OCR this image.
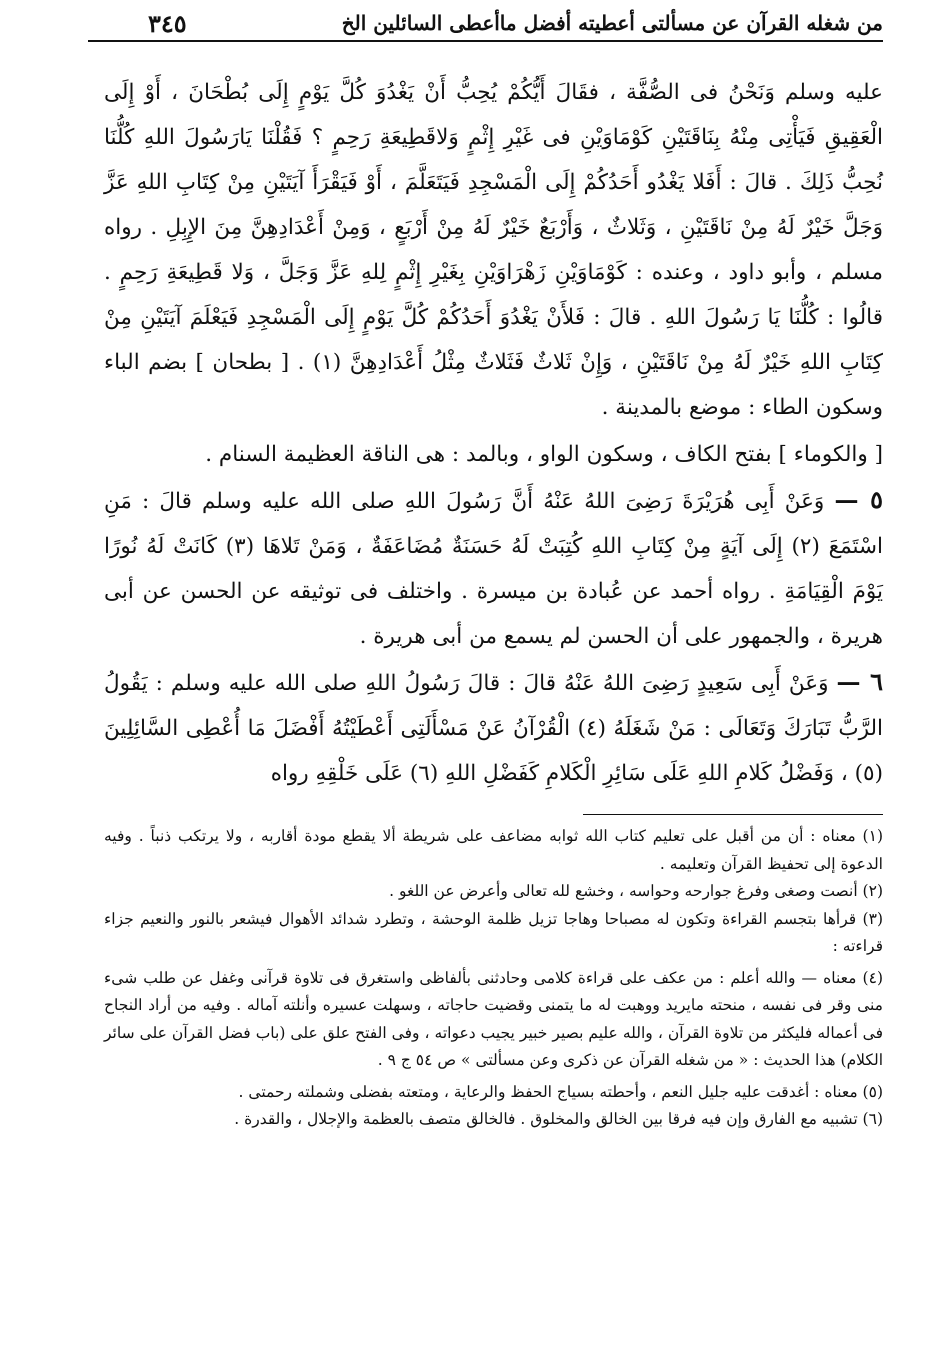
من شغله القرآن عن مسألتى أعطيته أفضل ماأعطى السائلين الخ
٣٤٥

عليه وسلم وَنَحْنُ فى الصُّفَّة ، فقَالَ أَيُّكُمْ يُحِبُّ أَنْ يَغْدُوَ كُلَّ يَوْمٍ إِلَى بُطْحَانَ ، أَوْ إِلَى الْعَقِيقِ فَيَأْتِى مِنْهُ بِنَاقَتَيْنِ كَوْمَاوَيْنِ فى غَيْرِ إِثْمٍ وَلاقَطِيعَةِ رَحِمٍ ؟ فَقُلْنَا يَارَسُولَ اللهِ كُلُّنَا نُحِبُّ ذَلِكَ . قالَ : أَفَلا يَغْدُو أَحَدُكُمْ إِلَى الْمَسْجِدِ فَيَتَعَلَّمَ ، أَوْ فَيَقْرَأَ آيَتَيْنِ مِنْ كِتَابِ اللهِ عَزَّ وَجَلَّ خَيْرٌ لَهُ مِنْ نَاقَتَيْنِ ، وَثَلاثٌ ، وَأَرْبَعٌ خَيْرٌ لَهُ مِنْ أَرْبَعٍ ، وَمِنْ أَعْدَادِهِنَّ مِنَ الإِبِلِ . رواه مسلم ، وأبو داود ، وعنده : كَوْمَاوَيْنِ زَهْرَاوَيْنِ بِغَيْرِ إِثْمٍ لِلهِ عَزَّ وَجَلَّ ، وَلا قَطِيعَةِ رَحِمٍ . قالُوا : كُلُّنَا يَا رَسُولَ اللهِ . قالَ : فَلأَنْ يَغْدُوَ أَحَدُكُمْ كُلَّ يَوْمٍ إِلَى الْمَسْجِدِ فَيَعْلَمَ آيَتَيْنِ مِنْ كِتَابِ اللهِ خَيْرٌ لَهُ مِنْ نَاقَتَيْنِ ، وَإِنْ ثَلاثٌ فَثَلاثٌ مِثْلُ أَعْدَادِهِنَّ (١) . [ بطحان ] بضم الباء وسكون الطاء : موضع بالمدينة .

[ والكوماء ] بفتح الكاف ، وسكون الواو ، وبالمد : هى الناقة العظيمة السنام .

٥ — وَعَنْ أَبِى هُرَيْرَةَ رَضِىَ اللهُ عَنْهُ أَنَّ رَسُولَ اللهِ صلى الله عليه وسلم قالَ : مَنِ اسْتَمَعَ (٢) إِلَى آيَةٍ مِنْ كِتَابِ اللهِ كُتِبَتْ لَهُ حَسَنَةٌ مُضَاعَفَةٌ ، وَمَنْ تَلاهَا (٣) كَانَتْ لَهُ نُورًا يَوْمَ الْقِيَامَةِ . رواه أحمد عن عُبادة بن ميسرة . واختلف فى توثيقه عن الحسن عن أبى هريرة ، والجمهور على أن الحسن لم يسمع من أبى هريرة .

٦ — وَعَنْ أَبِى سَعِيدٍ رَضِىَ اللهُ عَنْهُ قالَ : قالَ رَسُولُ اللهِ صلى الله عليه وسلم : يَقُولُ الرَّبُّ تَبَارَكَ وَتَعَالَى : مَنْ شَغَلَهُ (٤) الْقُرْآنُ عَنْ مَسْأَلَتِى أَعْطَيْتُهُ أَفْضَلَ مَا أُعْطِى السَّائِلِينَ (٥) ، وَفَضْلُ كَلامِ اللهِ عَلَى سَائِرِ الْكَلامِ كَفَضْلِ اللهِ (٦) عَلَى خَلْقِهِ رواه

(١) معناه : أن من أقبل على تعليم كتاب الله ثوابه مضاعف على شريطة ألا يقطع مودة أقاربه ، ولا يرتكب ذنباً . وفيه الدعوة إلى تحفيظ القرآن وتعليمه .

(٢) أنصت وصغى وفرغ جوارحه وحواسه ، وخشع لله تعالى وأعرض عن اللغو .

(٣) قرأها بتجسم القراءة وتكون له مصباحا وهاجا تزيل ظلمة الوحشة ، وتطرد شدائد الأهوال فيشعر بالنور والنعيم جزاء قراءته :

(٤) معناه — والله أعلم : من عكف على قراءة كلامى وحادثنى بألفاظى واستغرق فى تلاوة قرآنى وغفل عن طلب شىء منى وقر فى نفسه ، منحته مايريد ووهبت له ما يتمنى وقضيت حاجاته ، وسهلت عسيره وأنلته آماله . وفيه من أراد النجاح فى أعماله فليكثر من تلاوة القرآن ، والله عليم بصير خبير يجيب دعواته ، وفى الفتح علق على (باب فضل القرآن على سائر الكلام) هذا الحديث : « من شغله القرآن عن ذكرى وعن مسألتى » ص ٥٤ ج ٩ .

(٥) معناه : أغدقت عليه جليل النعم ، وأحطته بسياج الحفظ والرعاية ، ومتعته بفضلى وشملته رحمتى .

(٦) تشبيه مع الفارق وإن فيه فرقا بين الخالق والمخلوق . فالخالق متصف بالعظمة والإجلال ، والقدرة .
